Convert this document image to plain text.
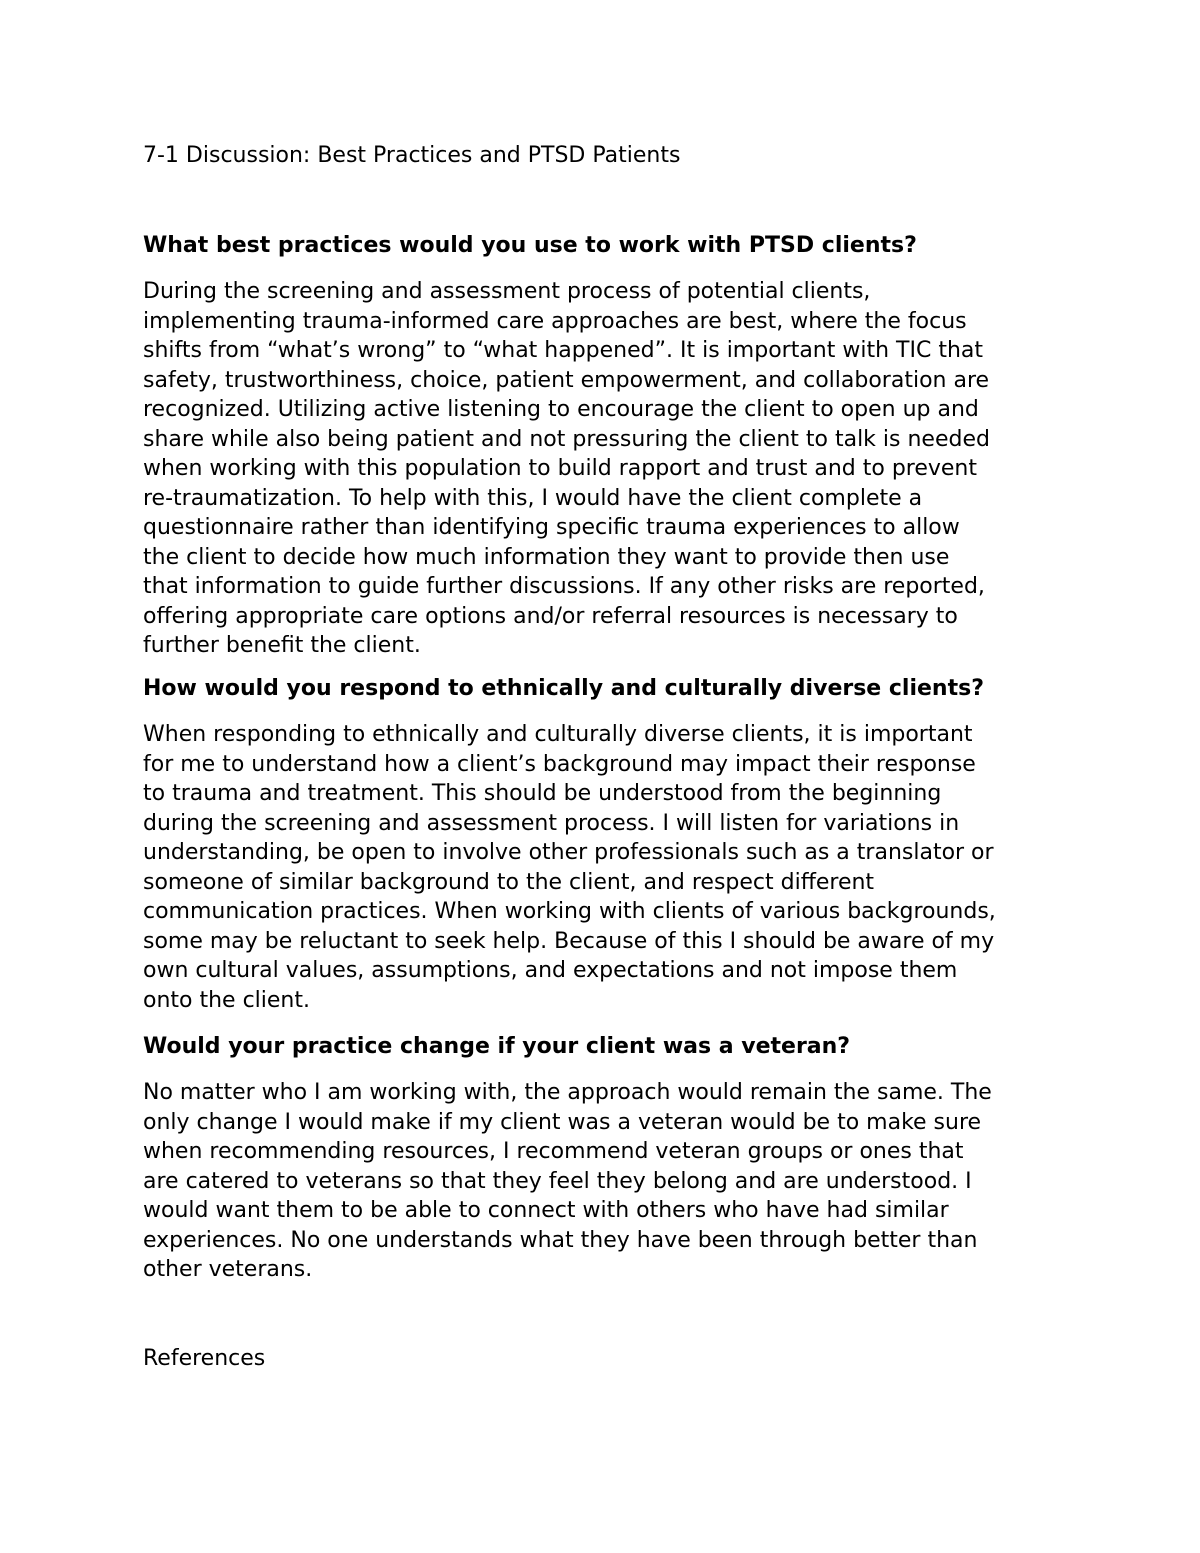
7-1 Discussion: Best Practices and PTSD Patients
What best practices would you use to work with PTSD clients?
During the screening and assessment process of potential clients,
implementing trauma-informed care approaches are best, where the focus
shifts from “what’s wrong” to “what happened”. It is important with TIC that
safety, trustworthiness, choice, patient empowerment, and collaboration are
recognized. Utilizing active listening to encourage the client to open up and
share while also being patient and not pressuring the client to talk is needed
when working with this population to build rapport and trust and to prevent
re-traumatization. To help with this, I would have the client complete a
questionnaire rather than identifying specific trauma experiences to allow
the client to decide how much information they want to provide then use
that information to guide further discussions. If any other risks are reported,
offering appropriate care options and/or referral resources is necessary to
further benefit the client.
How would you respond to ethnically and culturally diverse clients?
When responding to ethnically and culturally diverse clients, it is important
for me to understand how a client’s background may impact their response
to trauma and treatment. This should be understood from the beginning
during the screening and assessment process. I will listen for variations in
understanding, be open to involve other professionals such as a translator or
someone of similar background to the client, and respect different
communication practices. When working with clients of various backgrounds,
some may be reluctant to seek help. Because of this I should be aware of my
own cultural values, assumptions, and expectations and not impose them
onto the client.
Would your practice change if your client was a veteran?
No matter who I am working with, the approach would remain the same. The
only change I would make if my client was a veteran would be to make sure
when recommending resources, I recommend veteran groups or ones that
are catered to veterans so that they feel they belong and are understood. I
would want them to be able to connect with others who have had similar
experiences. No one understands what they have been through better than
other veterans.
References
